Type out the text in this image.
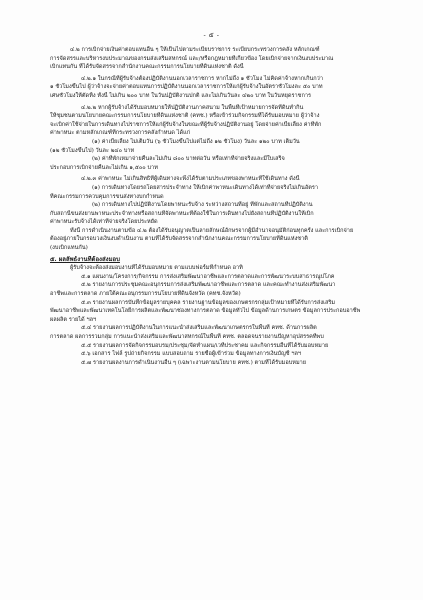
- ๕ -
๔.๒ การเบิกจ่ายเงินค่าตอบแทนอื่น ๆ ให้เป็นไปตามระเบียบราชการ ระเบียบกระทรวงการคลัง หลักเกณฑ์
การจัดสรรและบริหารงบประมาณของกรมส่งเสริมสหกรณ์ และ/หรือกฎหมายที่เกี่ยวข้อง โดยเบิกจ่ายจากเงินงบประมาณ
เบิกแทนกัน ที่ได้รับจัดสรรจากสำนักงานคณะกรรมการนโยบายที่ดินแห่งชาติ ดังนี้
๔.๒.๑ ในกรณีที่ผู้รับจ้างต้องปฏิบัติงานนอกเวลาราชการ หากไม่ถึง ๑ ชั่วโมง ไม่คิดค่าจ้างหากเกินกว่า
๑ ชั่วโมงขึ้นไป ผู้ว่าจ้างจะจ่ายค่าตอบแทนการปฏิบัติงานนอกเวลาราชการให้แก่ผู้รับจ้างในอัตราชั่วโมงละ ๕๐ บาท
เศษชั่วโมงให้ตัดทิ้ง ทั้งนี้ ไม่เกิน ๒๐๐ บาท ในวันปฏิบัติงานปกติ และไม่เกินวันละ ๔๒๐ บาท ในวันหยุดราชการ
๔.๒.๒ หากผู้รับจ้างได้รับมอบหมายให้ปฏิบัติงานภาคสนาม ในพื้นที่เป้าหมายการจัดที่ดินทำกิน
ให้ชุมชนตามนโยบายคณะกรรมการนโยบายที่ดินแห่งชาติ (คทช.) หรือเข้าร่วมกิจกรรมที่ได้รับมอบหมาย ผู้ว่าจ้าง
จะเบิกค่าใช้จ่ายในการเดินทางไปราชการให้แก่ผู้รับจ้างในขณะที่ผู้รับจ้างปฏิบัติงานอยู่ โดยจ่ายค่าเบี้ยเลี้ยง ค่าที่พัก
ค่าพาหนะ ตามหลักเกณฑ์ที่กระทรวงการคลังกำหนด ได้แก่
(๑) ค่าเบี้ยเลี้ยง ไม่เต็มวัน (๖ ชั่วโมงขึ้นไปแต่ไม่ถึง ๑๒ ชั่วโมง) วันละ ๑๒๐ บาท เต็มวัน
(๑๒ ชั่วโมงขึ้นไป) วันละ ๒๔๐ บาท
(๒) ค่าที่พักเหมาจ่ายคืนละไม่เกิน ๘๐๐ บาทต่อวัน หรือเท่าที่จ่ายจริงและมีใบเสร็จ
ประกอบการเบิกจ่ายคืนละไม่เกิน ๑,๕๐๐ บาท
๔.๒.๓ ค่าพาหนะ ไม่เกินสิทธิที่ผู้เดินทางจะพึงได้รับตามประเภทของพาหนะที่ใช้เดินทาง ดังนี้
(๑) การเดินทางโดยรถโดยสารประจำทาง ให้เบิกค่าพาหนะเดินทางได้เท่าที่จ่ายจริงไม่เกินอัตรา
ที่คณะกรรมการควบคุมการขนส่งทางบกกำหนด
(๒) การเดินทางไปปฏิบัติงานโดยพาหนะรับจ้าง ระหว่างสถานที่อยู่ ที่พักและสถานที่ปฏิบัติงาน
กับสถานีขนส่งยานพาหนะประจำทางหรือสถานที่จัดพาหนะที่ต้องใช้ในการเดินทางไปยังสถานที่ปฏิบัติงานให้เบิก
ค่าพาหนะรับจ้างได้เท่าที่จ่ายจริงโดยประหยัด
ทั้งนี้ การดำเนินงานตามข้อ ๔.๒ ต้องได้รับอนุญาตเป็นลายลักษณ์อักษรจากผู้มีอำนาจอนุมัติก่อนทุกครั้ง และการเบิกจ่าย
ต้องอยู่ภายในกรอบวงเงินงบดำเนินงาน ตามที่ได้รับจัดสรรจากสำนักงานคณะกรรมการนโยบายที่ดินแห่งชาติ
(งบเบิกแทนกัน)
๕. ผลลัพธ์งานที่ต้องส่งมอบ
ผู้รับจ้างจะต้องส่งมอบงานที่ได้รับมอบหมาย ตามแบบฟอร์มที่กำหนด อาทิ
๕.๑ แผนงาน/โครงการ/กิจกรรม การส่งเสริมพัฒนาอาชีพและการตลาดและการพัฒนาระบบสาธารณูปโภค
๕.๒ รายงานการประชุมคณะอนุกรรมการส่งเสริมพัฒนาอาชีพและการตลาด และคณะทำงานส่งเสริมพัฒนา
อาชีพและการตลาด ภายใต้คณะอนุกรรมการนโยบายที่ดินจังหวัด (คทช.จังหวัด)
๕.๓ รายงานผลการบันทึกข้อมูลรายบุคคล รายงานฐานข้อมูลของเกษตรกรกลุ่มเป้าหมายที่ได้รับการส่งเสริม
พัฒนาอาชีพและพัฒนาเทคโนโลยีการผลิตและพัฒนาช่องทางการตลาด ข้อมูลทั่วไป ข้อมูลด้านการเกษตร ข้อมูลการประกอบอาชีพ
ผลผลิต รายได้ ฯลฯ
๕.๔ รายงานผลการปฏิบัติงานในการแนะนำส่งเสริมและพัฒนาเกษตรกรในพื้นที่ คทช. ด้านการผลิต
การตลาด ผลการรวมกลุ่ม การแนะนำส่งเสริมและพัฒนาสหกรณ์ในพื้นที่ คทช. ตลอดจนรายงานปัญหาอุปสรรคที่พบ
๕.๕ รายงานผลการจัดกิจกรรมอบรม/ประชุม/จัดทำแผน/เวทีประชาคม และกิจกรรมอื่นที่ได้รับมอบหมาย
๕.๖ เอกสาร ไฟล์ รูปถ่ายกิจกรรม แบบสอบถาม รายชื่อผู้เข้าร่วม ข้อมูลทางการเงินบัญชี ฯลฯ
๕.๗ รายงานผลงานการดำเนินงานอื่น ๆ (เฉพาะงานตามนโยบาย คทช.) ตามที่ได้รับมอบหมาย
